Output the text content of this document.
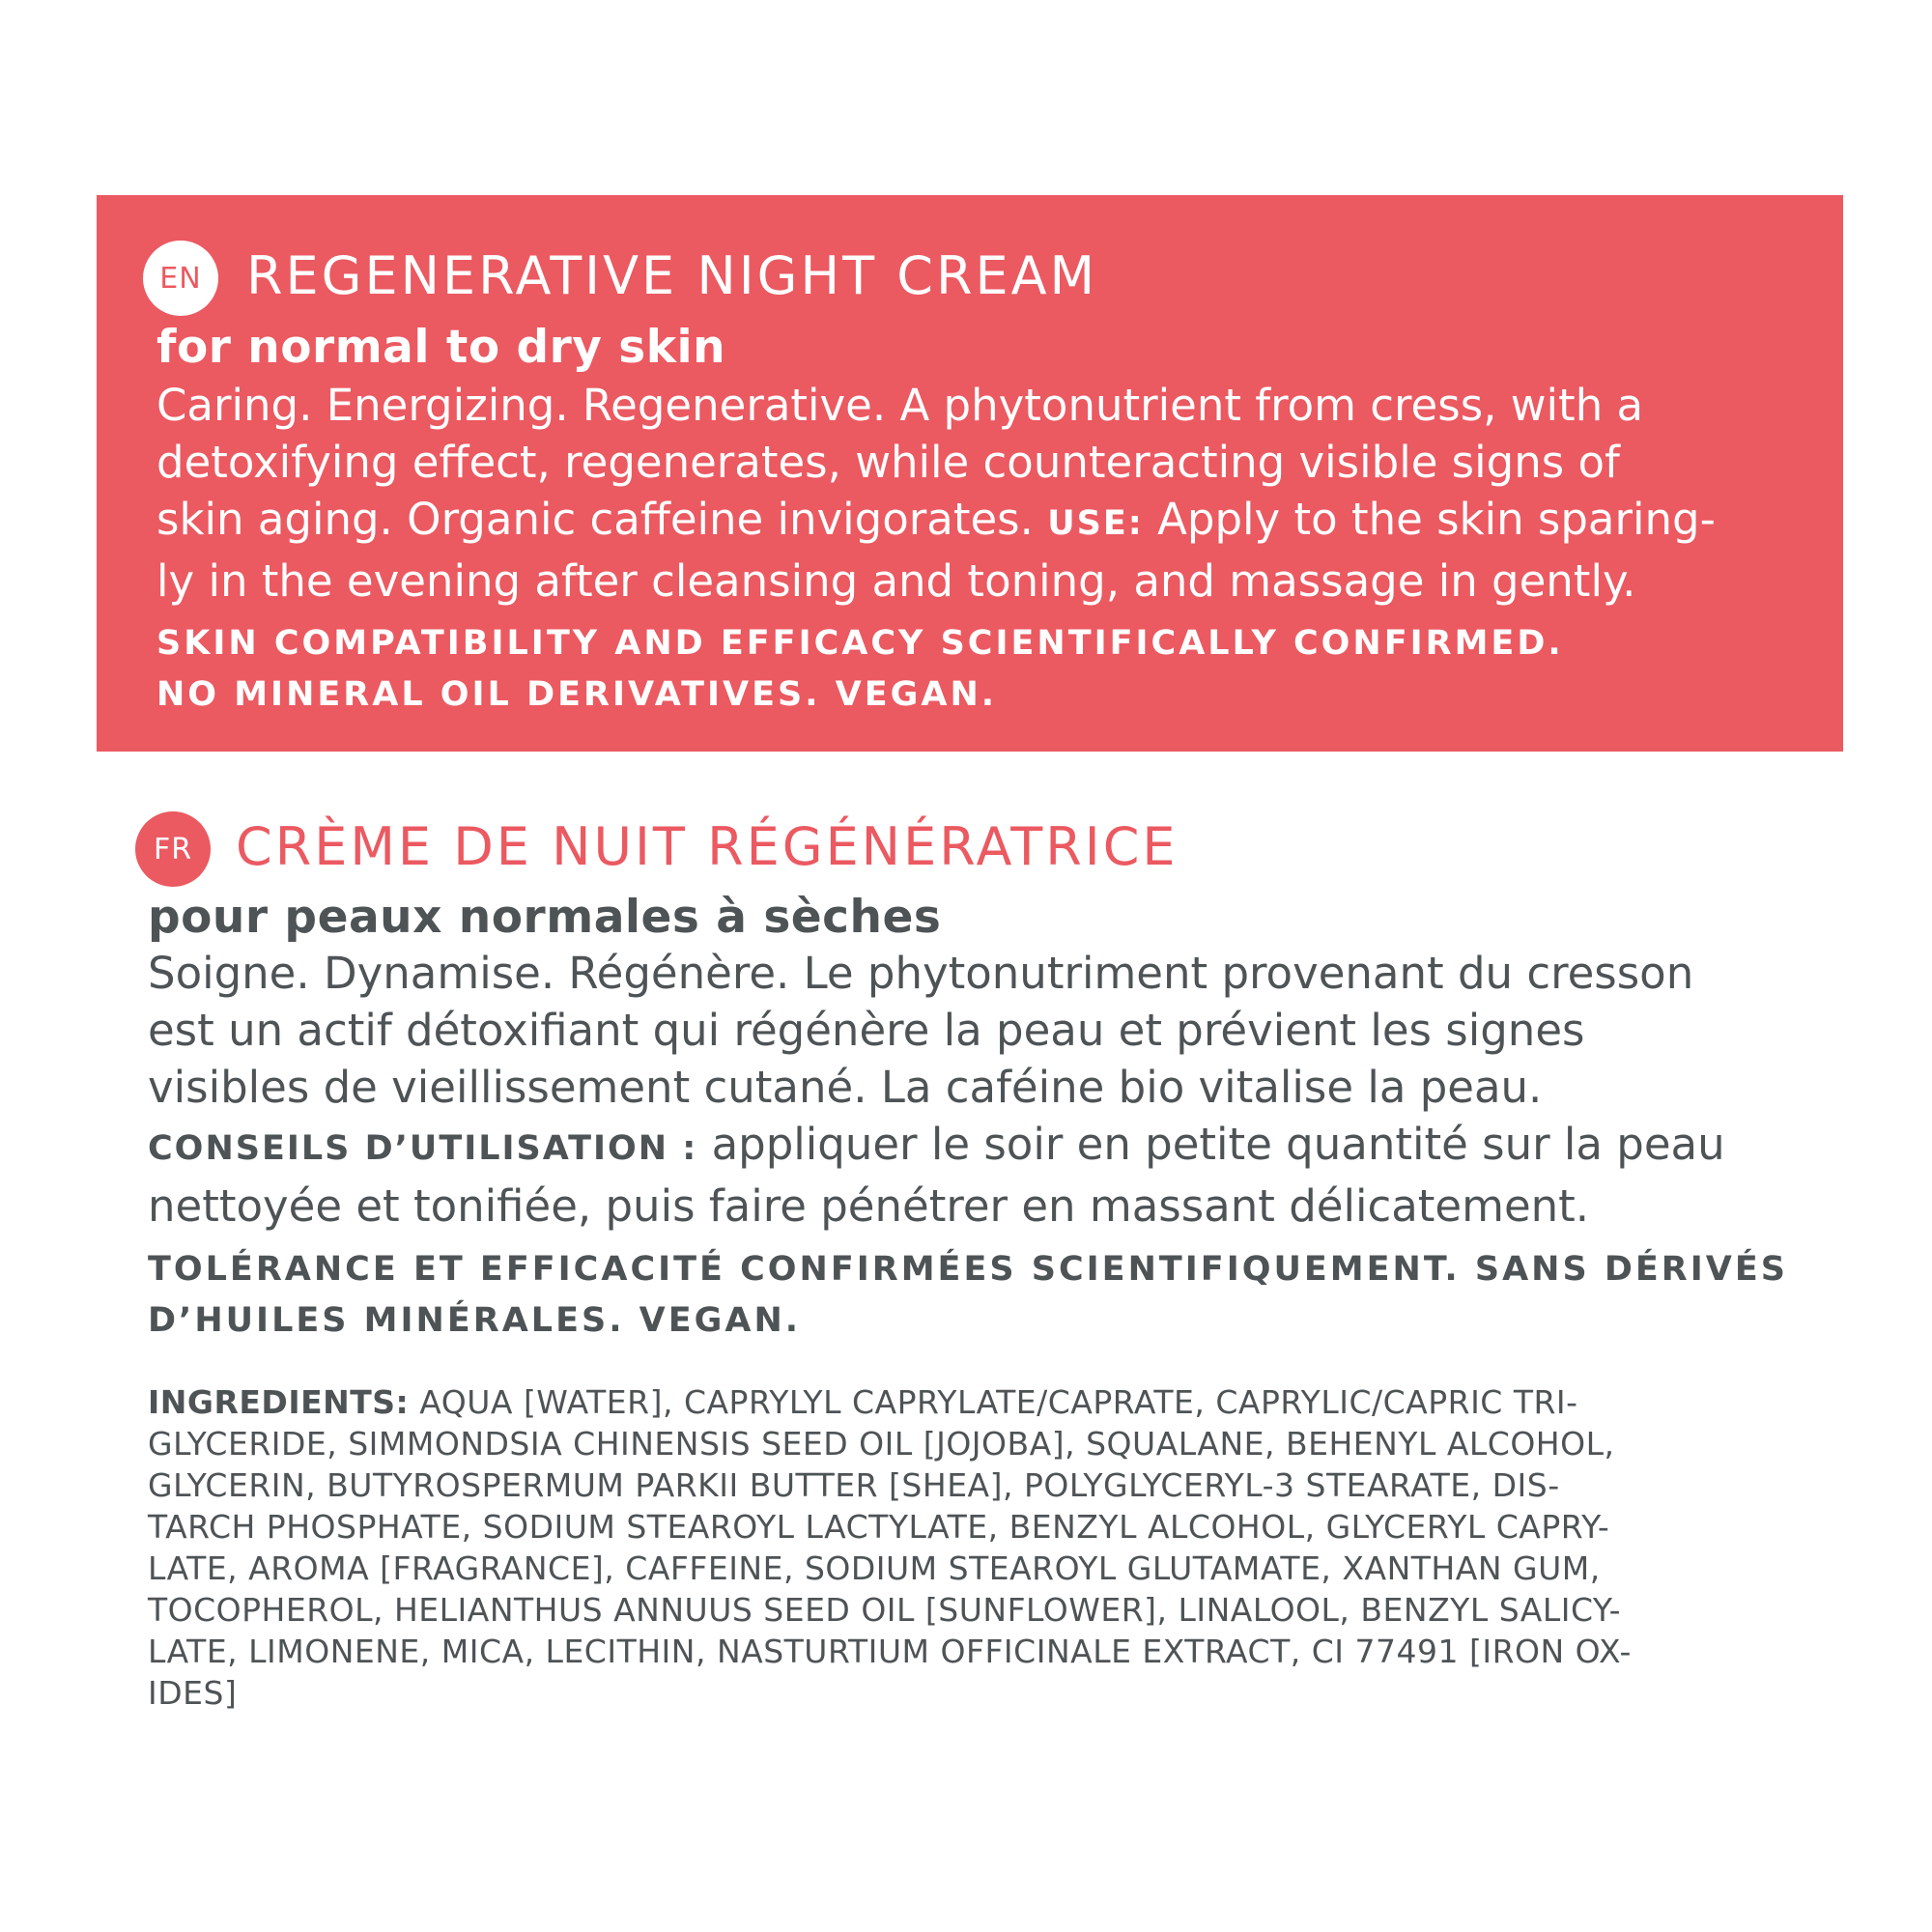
EN REGENERATIVE NIGHT CREAM
for normal to dry skin

Caring. Energizing. Regenerative. A phytonutrient from cress, with a
detoxifying effect, regenerates, while counteracting visible signs of
skin aging. Organic caffeine invigorates. USE: Apply to the skin sparing-
ly in the evening after cleansing and toning, and massage in gently.

SKIN COMPATIBILITY AND EFFICACY SCIENTIFICALLY CONFIRMED.
NO MINERAL OIL DERIVATIVES. VEGAN.

FR CRÈME DE NUIT RÉGÉNÉRATRICE
pour peaux normales à sèches

Soigne. Dynamise. Régénère. Le phytonutriment provenant du cresson
est un actif détoxifiant qui régénère la peau et prévient les signes
visibles de vieillissement cutané. La caféine bio vitalise la peau.
CONSEILS D’UTILISATION : appliquer le soir en petite quantité sur la peau
nettoyée et tonifiée, puis faire pénétrer en massant délicatement.

TOLÉRANCE ET EFFICACITÉ CONFIRMÉES SCIENTIFIQUEMENT. SANS DÉRIVÉS
D’HUILES MINÉRALES. VEGAN.

INGREDIENTS: AQUA [WATER], CAPRYLYL CAPRYLATE/CAPRATE, CAPRYLIC/CAPRIC TRI-
GLYCERIDE, SIMMONDSIA CHINENSIS SEED OIL [JOJOBA], SQUALANE, BEHENYL ALCOHOL,
GLYCERIN, BUTYROSPERMUM PARKII BUTTER [SHEA], POLYGLYCERYL-3 STEARATE, DIS-
TARCH PHOSPHATE, SODIUM STEAROYL LACTYLATE, BENZYL ALCOHOL, GLYCERYL CAPRY-
LATE, AROMA [FRAGRANCE], CAFFEINE, SODIUM STEAROYL GLUTAMATE, XANTHAN GUM,
TOCOPHEROL, HELIANTHUS ANNUUS SEED OIL [SUNFLOWER], LINALOOL, BENZYL SALICY-
LATE, LIMONENE, MICA, LECITHIN, NASTURTIUM OFFICINALE EXTRACT, CI 77491 [IRON OX-
IDES]
